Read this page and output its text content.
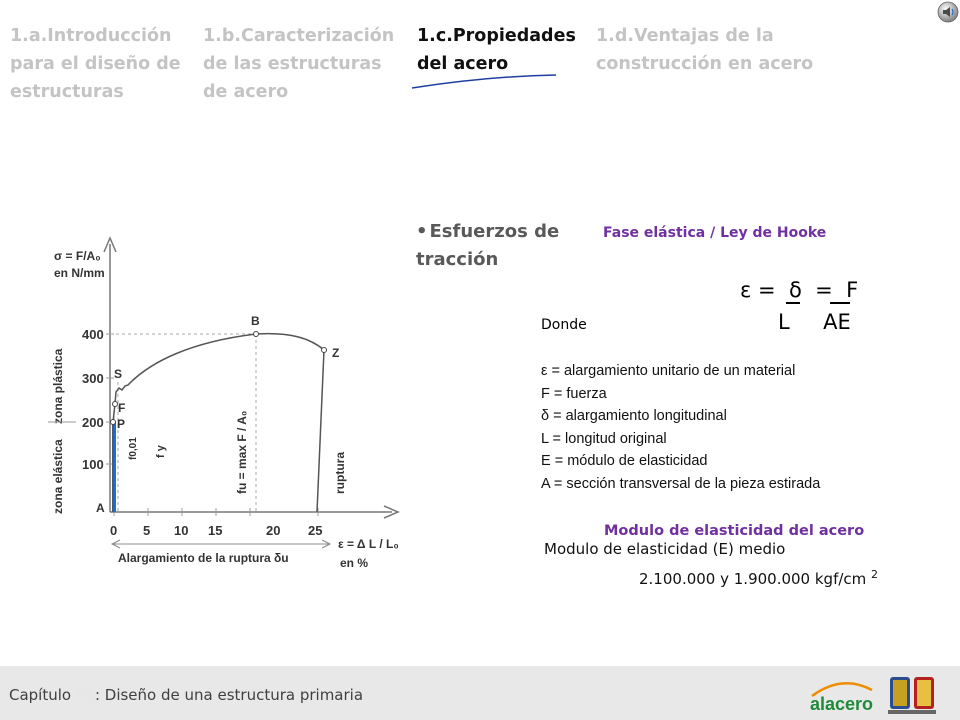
1.a.Introducción para el diseño de estructuras
1.b.Caracterización de las estructuras de acero
1.c.Propiedades del acero
1.d.Ventajas de la construcción en acero
• Esfuerzos de tracción
Fase elástica / Ley de Hooke
ε =  δ  =  F
L     AE
Donde
ε = alargamiento unitario de un material
F = fuerza
δ = alargamiento longitudinal
L = longitud original
E = módulo de elasticidad
A = sección transversal de la pieza estirada
Modulo de elasticidad del acero
Modulo de elasticidad (E) medio
2.100.000 y 1.900.000 kgf/cm $^2$
100
200
300
400
0 5 10 15	20 25
Alargamiento de la ruptura δu
ε = Δ L / L₀
en %
σ = F/A₀
en N/mm
zona elástica
zona plástica
f0,01 f y	fu = max F / A₀	ruptura
A
P
F
S
B
Z
Capítulo 01: Diseño de una estructura primaria	alacero
